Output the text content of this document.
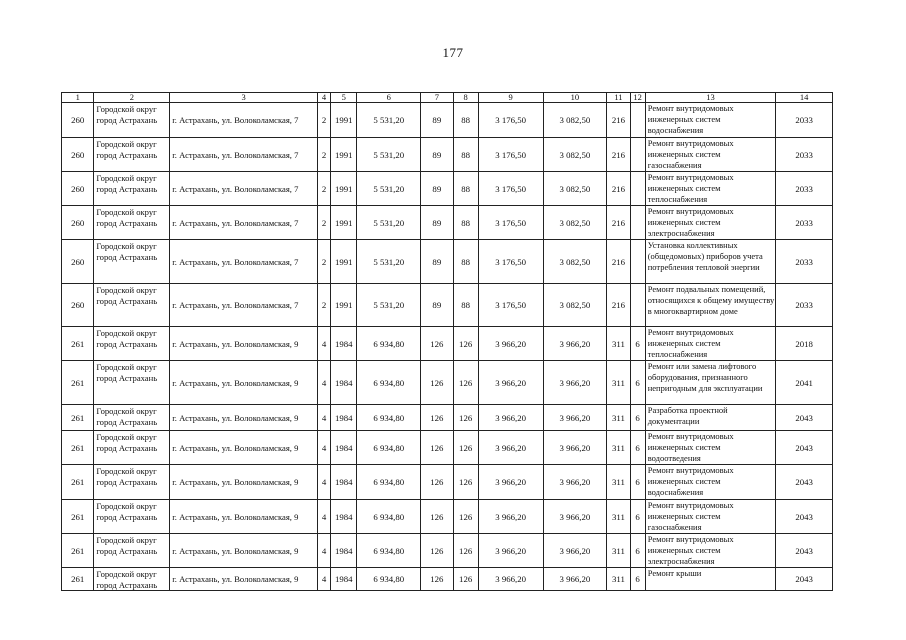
177
1	2	3	4	5	6	7	8	9	10	11	12	13	14
260	Городской округ город Астрахань	г. Астрахань, ул. Волоколамская, 7	2	1991	5 531,20	89	88	3 176,50	3 082,50	216		Ремонт внутридомовых инженерных систем водоснабжения	2033
260	Городской округ город Астрахань	г. Астрахань, ул. Волоколамская, 7	2	1991	5 531,20	89	88	3 176,50	3 082,50	216		Ремонт внутридомовых инженерных систем газоснабжения	2033
260	Городской округ город Астрахань	г. Астрахань, ул. Волоколамская, 7	2	1991	5 531,20	89	88	3 176,50	3 082,50	216		Ремонт внутридомовых инженерных систем теплоснабжения	2033
260	Городской округ город Астрахань	г. Астрахань, ул. Волоколамская, 7	2	1991	5 531,20	89	88	3 176,50	3 082,50	216		Ремонт внутридомовых инженерных систем электроснабжения	2033
260	Городской округ город Астрахань	г. Астрахань, ул. Волоколамская, 7	2	1991	5 531,20	89	88	3 176,50	3 082,50	216		Установка коллективных (общедомовых) приборов учета потребления тепловой энергии	2033
260	Городской округ город Астрахань	г. Астрахань, ул. Волоколамская, 7	2	1991	5 531,20	89	88	3 176,50	3 082,50	216		Ремонт подвальных помещений, относящихся к общему имуществу в многоквартирном доме	2033
261	Городской округ город Астрахань	г. Астрахань, ул. Волоколамская, 9	4	1984	6 934,80	126	126	3 966,20	3 966,20	311	6	Ремонт внутридомовых инженерных систем теплоснабжения	2018
261	Городской округ город Астрахань	г. Астрахань, ул. Волоколамская, 9	4	1984	6 934,80	126	126	3 966,20	3 966,20	311	6	Ремонт или замена лифтового оборудования, признанного непригодным для эксплуатации	2041
261	Городской округ город Астрахань	г. Астрахань, ул. Волоколамская, 9	4	1984	6 934,80	126	126	3 966,20	3 966,20	311	6	Разработка проектной документации	2043
261	Городской округ город Астрахань	г. Астрахань, ул. Волоколамская, 9	4	1984	6 934,80	126	126	3 966,20	3 966,20	311	6	Ремонт внутридомовых инженерных систем водоотведения	2043
261	Городской округ город Астрахань	г. Астрахань, ул. Волоколамская, 9	4	1984	6 934,80	126	126	3 966,20	3 966,20	311	6	Ремонт внутридомовых инженерных систем водоснабжения	2043
261	Городской округ город Астрахань	г. Астрахань, ул. Волоколамская, 9	4	1984	6 934,80	126	126	3 966,20	3 966,20	311	6	Ремонт внутридомовых инженерных систем газоснабжения	2043
261	Городской округ город Астрахань	г. Астрахань, ул. Волоколамская, 9	4	1984	6 934,80	126	126	3 966,20	3 966,20	311	6	Ремонт внутридомовых инженерных систем электроснабжения	2043
261	Городской округ город Астрахань	г. Астрахань, ул. Волоколамская, 9	4	1984	6 934,80	126	126	3 966,20	3 966,20	311	6	Ремонт крыши	2043
